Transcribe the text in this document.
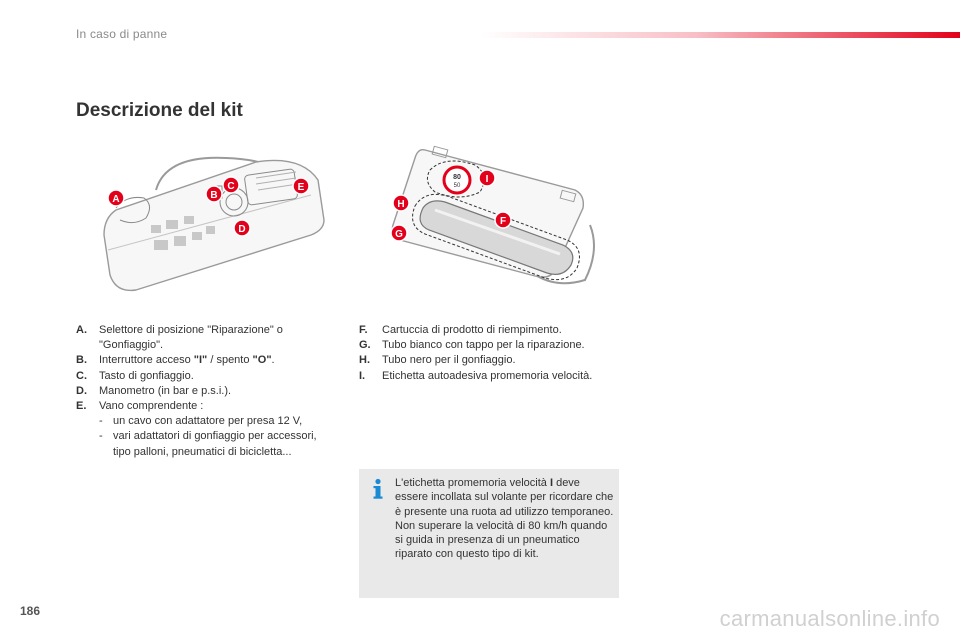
In caso di panne
Descrizione del kit
A	B
C
D
E
80
50
F
G
H
I
A. Selettore di posizione "Riparazione" o "Gonfiaggio".
B. Interruttore acceso "I" / spento "O".
C. Tasto di gonfiaggio.
D. Manometro (in bar e p.s.i.).
E. Vano comprendente :
- un cavo con adattatore per presa 12 V,
- vari adattatori di gonfiaggio per accessori, tipo palloni, pneumatici di bicicletta...
F. Cartuccia di prodotto di riempimento.
G. Tubo bianco con tappo per la riparazione.
H. Tubo nero per il gonfiaggio.
I. Etichetta autoadesiva promemoria velocità.
L'etichetta promemoria velocità I deve essere incollata sul volante per ricordare che è presente una ruota ad utilizzo temporaneo.
Non superare la velocità di 80 km/h quando si guida in presenza di un pneumatico riparato con questo tipo di kit.
186	carmanualsonline.info
